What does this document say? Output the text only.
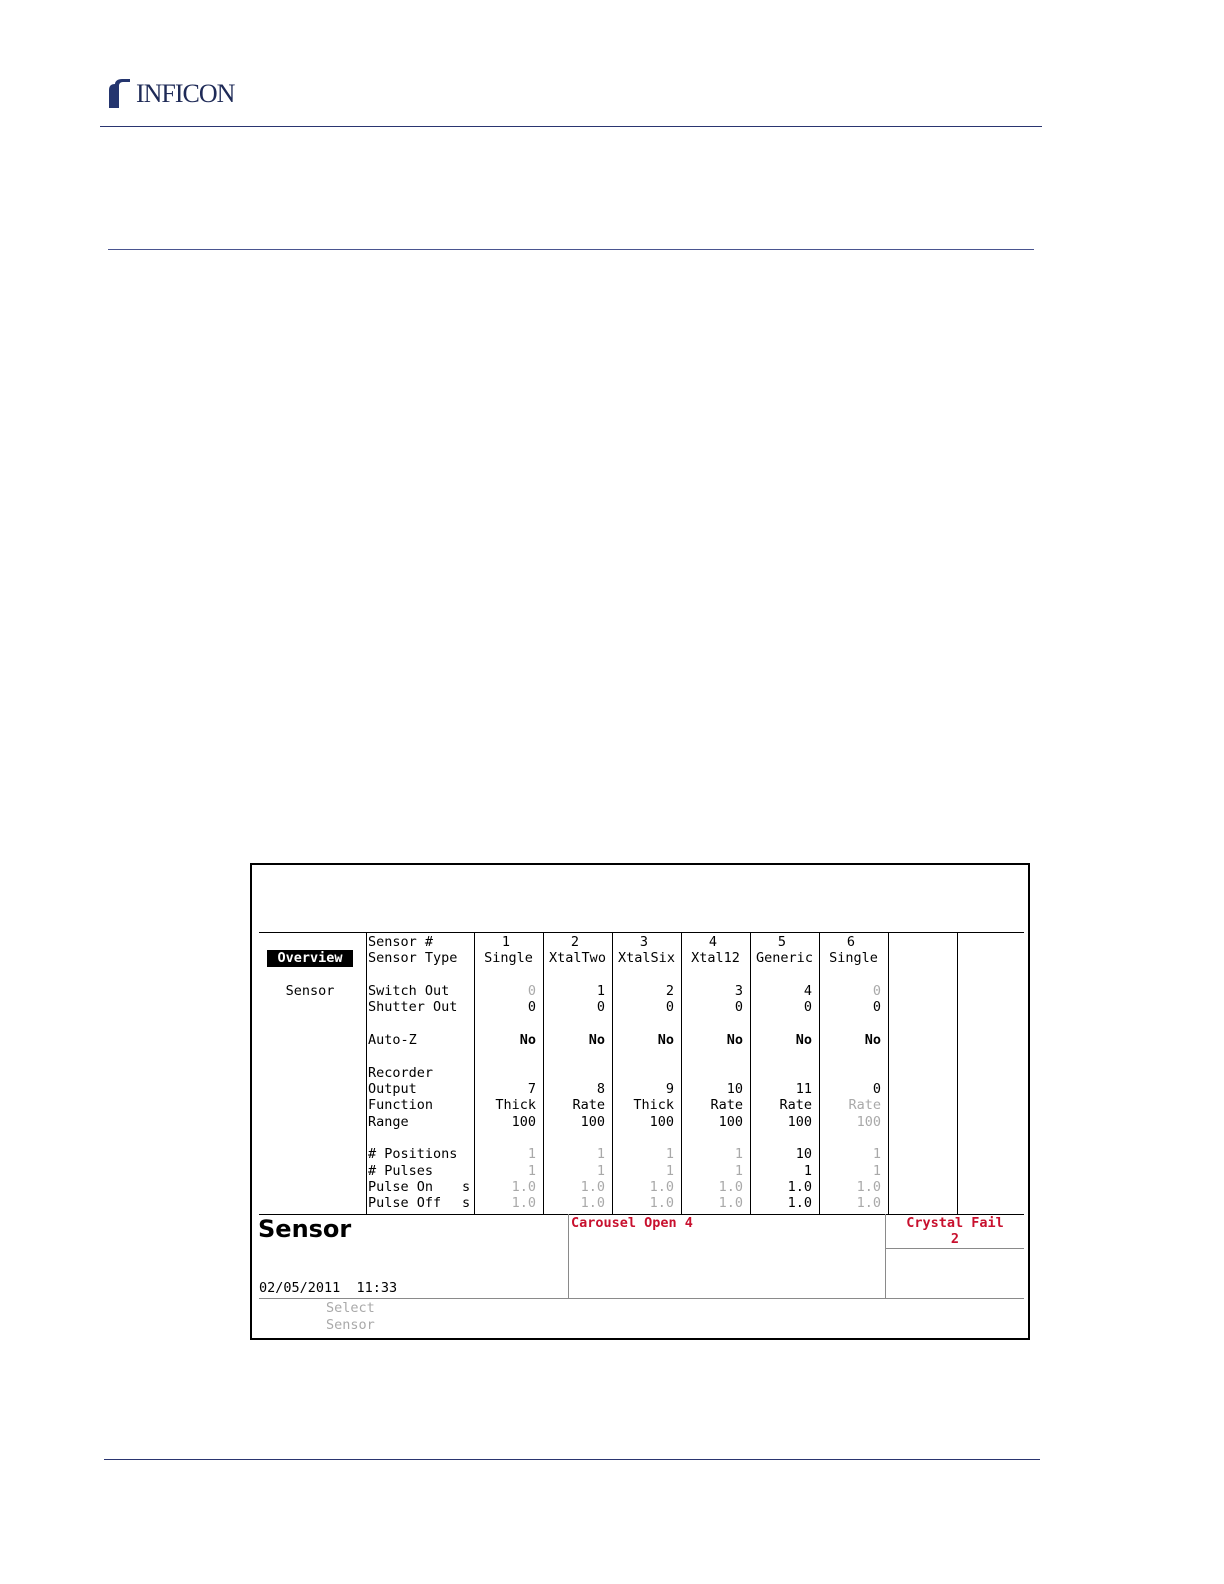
INFICON
Overview
Sensor
Sensor #
Sensor Type
Switch Out
Shutter Out
Auto-Z
Recorder
Output
Function
Range
# Positions
# Pulses
Pulse On
Pulse Off
s
s
1
Single
0
0
No
7
Thick
100
1
1
1.0
1.0
2
XtalTwo
1
0
No
8
Rate
100
1
1
1.0
1.0
3
XtalSix
2
0
No
9
Thick
100
1
1
1.0
1.0
4
Xtal12
3
0
No
10
Rate
100
1
1
1.0
1.0
5
Generic
4
0
No
11
Rate
100
10
1
1.0
1.0
6
Single
0
0
No
0
Rate
100
1
1
1.0
1.0
Sensor
02/05/2011  11:33
Carousel Open 4	Crystal Fail
2
Select
Sensor
